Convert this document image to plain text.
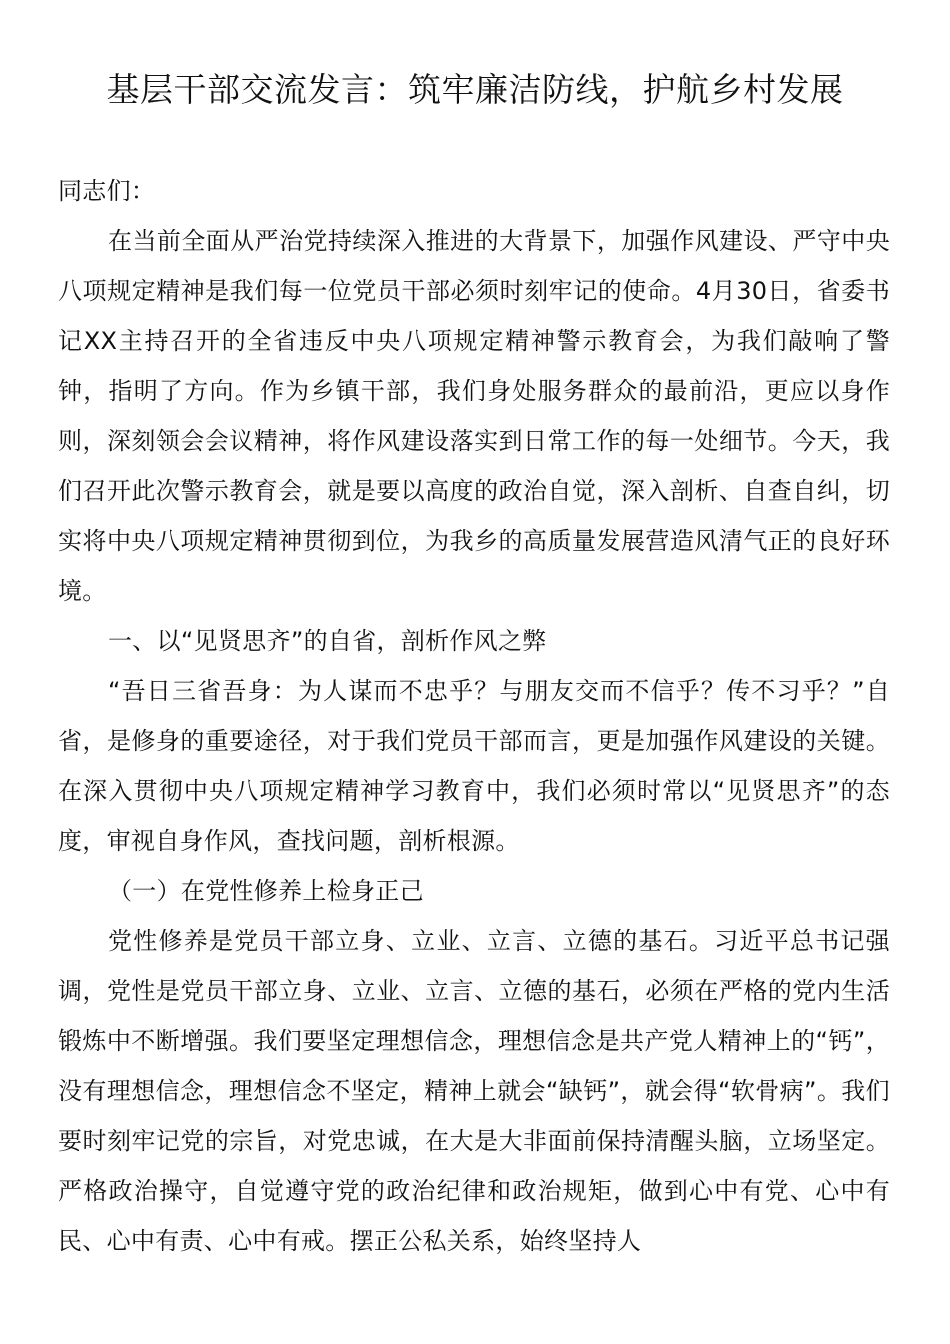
基层干部交流发言：筑牢廉洁防线，护航乡村发展

同志们：

在当前全面从严治党持续深入推进的大背景下，加强作风建设、严守中央八项规定精神是我们每一位党员干部必须时刻牢记的使命。4月30日，省委书记XX主持召开的全省违反中央八项规定精神警示教育会，为我们敲响了警钟，指明了方向。作为乡镇干部，我们身处服务群众的最前沿，更应以身作则，深刻领会会议精神，将作风建设落实到日常工作的每一处细节。今天，我们召开此次警示教育会，就是要以高度的政治自觉，深入剖析、自查自纠，切实将中央八项规定精神贯彻到位，为我乡的高质量发展营造风清气正的良好环境。

一、以“见贤思齐”的自省，剖析作风之弊

“吾日三省吾身：为人谋而不忠乎？与朋友交而不信乎？传不习乎？”自省，是修身的重要途径，对于我们党员干部而言，更是加强作风建设的关键。在深入贯彻中央八项规定精神学习教育中，我们必须时常以“见贤思齐”的态度，审视自身作风，查找问题，剖析根源。

（一）在党性修养上检身正己

党性修养是党员干部立身、立业、立言、立德的基石。习近平总书记强调，党性是党员干部立身、立业、立言、立德的基石，必须在严格的党内生活锻炼中不断增强。我们要坚定理想信念，理想信念是共产党人精神上的“钙”，没有理想信念，理想信念不坚定，精神上就会“缺钙”，就会得“软骨病”。我们要时刻牢记党的宗旨，对党忠诚，在大是大非面前保持清醒头脑，立场坚定。严格政治操守，自觉遵守党的政治纪律和政治规矩，做到心中有党、心中有民、心中有责、心中有戒。摆正公私关系，始终坚持人
